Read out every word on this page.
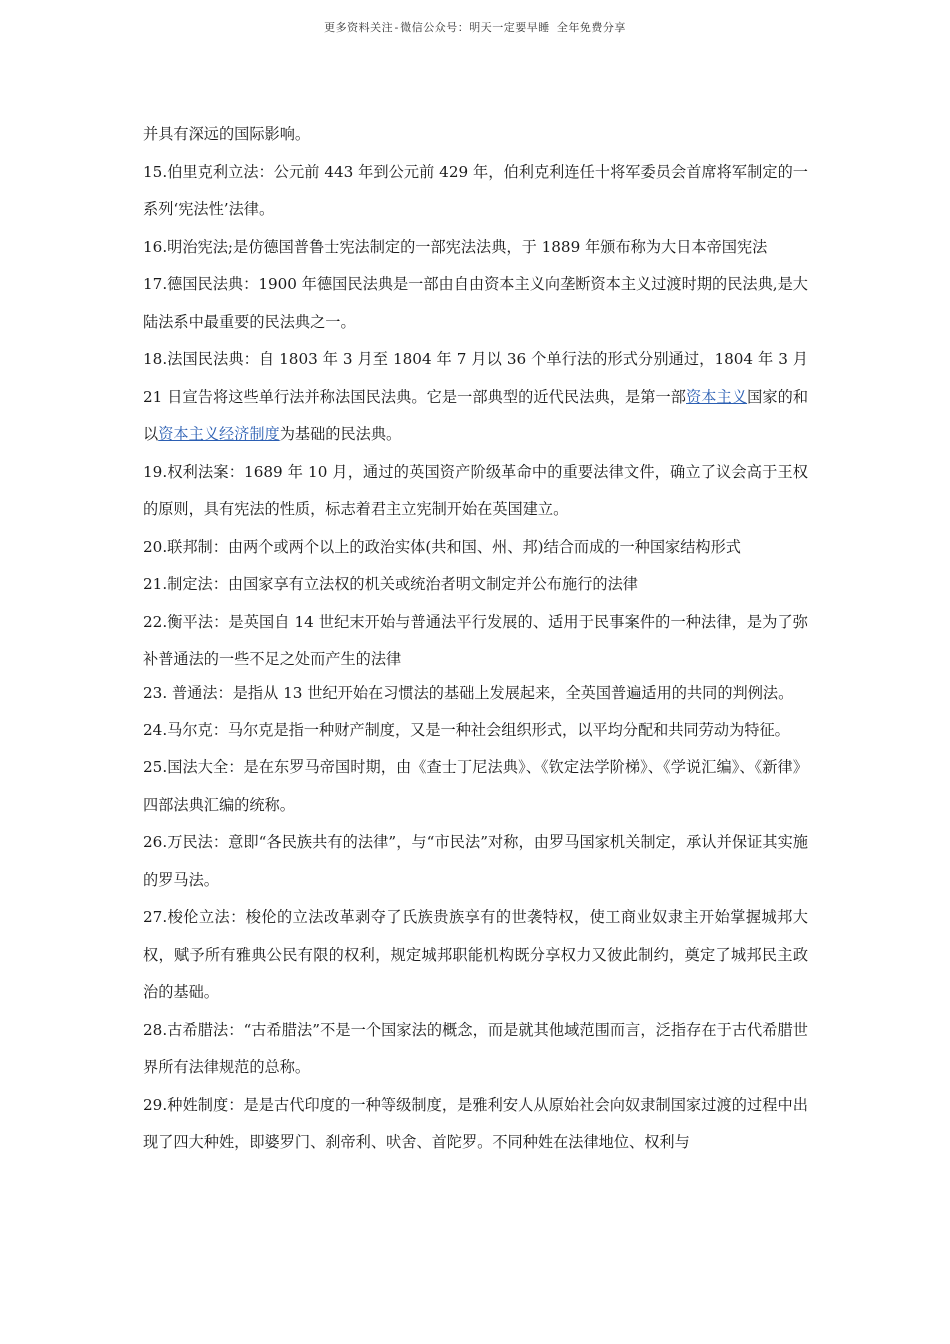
更多资料关注-微信公众号：明天一定要早睡 全年免费分享
并具有深远的国际影响。
15.伯里克利立法：公元前 443 年到公元前 429 年，伯利克利连任十将军委员会首席将军制定的一系列‘宪法性’法律。
16.明治宪法;是仿德国普鲁士宪法制定的一部宪法法典，于 1889 年颁布称为大日本帝国宪法
17.德国民法典：1900 年德国民法典是一部由自由资本主义向垄断资本主义过渡时期的民法典,是大陆法系中最重要的民法典之一。
18.法国民法典：自 1803 年 3 月至 1804 年 7 月以 36 个单行法的形式分别通过，1804 年 3 月 21 日宣告将这些单行法并称法国民法典。它是一部典型的近代民法典，是第一部资本主义国家的和以资本主义经济制度为基础的民法典。
19.权利法案：1689 年 10 月，通过的英国资产阶级革命中的重要法律文件，确立了议会高于王权的原则，具有宪法的性质，标志着君主立宪制开始在英国建立。
20.联邦制：由两个或两个以上的政治实体(共和国、州、邦)结合而成的一种国家结构形式
21.制定法：由国家享有立法权的机关或统治者明文制定并公布施行的法律
22.衡平法：是英国自 14 世纪末开始与普通法平行发展的、适用于民事案件的一种法律，是为了弥补普通法的一些不足之处而产生的法律
23. 普通法：是指从 13 世纪开始在习惯法的基础上发展起来，全英国普遍适用的共同的判例法。
24.马尔克：马尔克是指一种财产制度，又是一种社会组织形式，以平均分配和共同劳动为特征。
25.国法大全：是在东罗马帝国时期，由《查士丁尼法典》、《钦定法学阶梯》、《学说汇编》、《新律》四部法典汇编的统称。
26.万民法：意即“各民族共有的法律”，与“市民法”对称，由罗马国家机关制定，承认并保证其实施的罗马法。
27.梭伦立法：梭伦的立法改革剥夺了氏族贵族享有的世袭特权，使工商业奴隶主开始掌握城邦大权，赋予所有雅典公民有限的权利，规定城邦职能机构既分享权力又彼此制约，奠定了城邦民主政治的基础。
28.古希腊法：“古希腊法”不是一个国家法的概念，而是就其他域范围而言，泛指存在于古代希腊世界所有法律规范的总称。
29.种姓制度：是是古代印度的一种等级制度，是雅利安人从原始社会向奴隶制国家过渡的过程中出现了四大种姓，即婆罗门、刹帝利、吠舍、首陀罗。不同种姓在法律地位、权利与
